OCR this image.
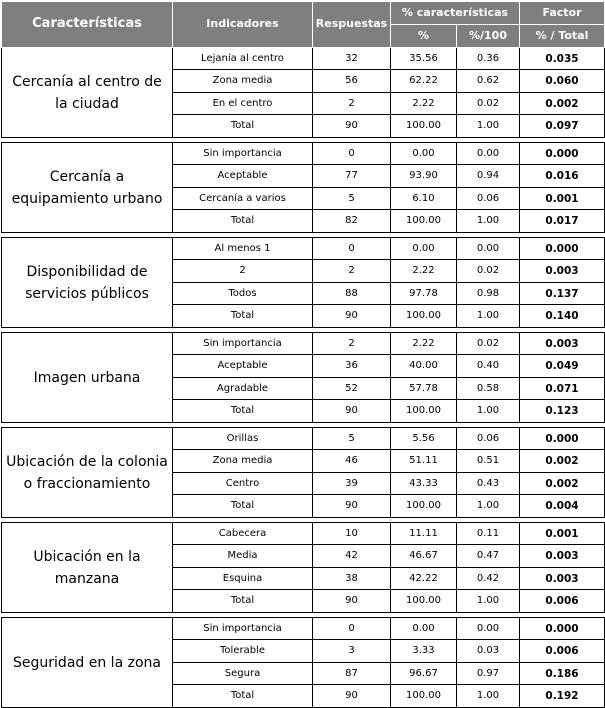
Características	Indicadores	Respuestas	% características		Factor
			%	%/100	% / Total
Cercanía al centro de la ciudad	Lejanía al centro	32	35.56	0.36	0.035
	Zona media	56	62.22	0.62	0.060
	En el centro	2	2.22	0.02	0.002
	Total	90	100.00	1.00	0.097

Cercanía a equipamiento urbano	Sin importancia	0	0.00	0.00	0.000
	Aceptable	77	93.90	0.94	0.016
	Cercanía a varios	5	6.10	0.06	0.001
	Total	82	100.00	1.00	0.017

Disponibilidad de servicios públicos	Al menos 1	0	0.00	0.00	0.000
	2	2	2.22	0.02	0.003
	Todos	88	97.78	0.98	0.137
	Total	90	100.00	1.00	0.140

Imagen urbana	Sin importancia	2	2.22	0.02	0.003
	Aceptable	36	40.00	0.40	0.049
	Agradable	52	57.78	0.58	0.071
	Total	90	100.00	1.00	0.123

Ubicación de la colonia o fraccionamiento	Orillas	5	5.56	0.06	0.000
	Zona media	46	51.11	0.51	0.002
	Centro	39	43.33	0.43	0.002
	Total	90	100.00	1.00	0.004

Ubicación en la manzana	Cabecera	10	11.11	0.11	0.001
	Media	42	46.67	0.47	0.003
	Esquina	38	42.22	0.42	0.003
	Total	90	100.00	1.00	0.006

Seguridad en la zona	Sin importancia	0	0.00	0.00	0.000
	Tolerable	3	3.33	0.03	0.006
	Segura	87	96.67	0.97	0.186
	Total	90	100.00	1.00	0.192
